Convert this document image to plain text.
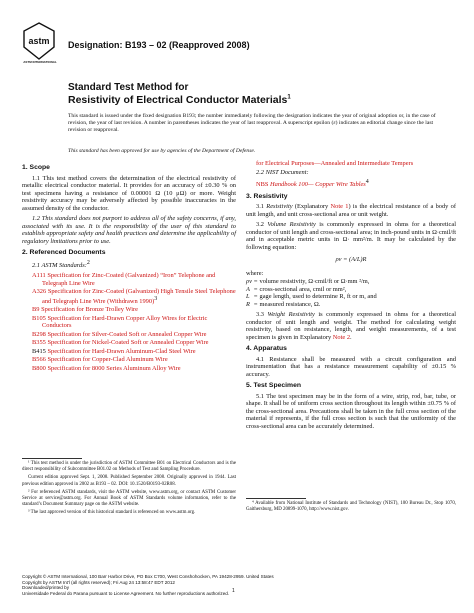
astm
ASTM INTERNATIONAL
Designation: B193 – 02 (Reapproved 2008)
Standard Test Method for
Resistivity of Electrical Conductor Materials$^1$
This standard is issued under the fixed designation B193; the number immediately following the designation indicates the year of original adoption or, in the case of revision, the year of last revision. A number in parentheses indicates the year of last reapproval. A superscript epsilon (ε) indicates an editorial change since the last revision or reapproval.
This standard has been approved for use by agencies of the Department of Defense.
1. Scope

1.1 This test method covers the determination of the electrical resistivity of metallic electrical conductor material. It provides for an accuracy of ±0.30 % on test specimens having a resistance of 0.00001 Ω (10 μΩ) or more. Weight resistivity accuracy may be adversely affected by possible inaccuracies in the assumed density of the conductor.

1.2 This standard does not purport to address all of the safety concerns, if any, associated with its use. It is the responsibility of the user of this standard to establish appropriate safety and health practices and determine the applicability of regulatory limitations prior to use.

2. Referenced Documents

2.1 ASTM Standards:2

A111 Specification for Zinc-Coated (Galvanized) “Iron” Telephone and Telegraph Line Wire
A326 Specification for Zinc-Coated (Galvanized) High Tensile Steel Telephone and Telegraph Line Wire (Withdrawn 1990)3
B9 Specification for Bronze Trolley Wire
B105 Specification for Hard-Drawn Copper Alloy Wires for Electric Conductors
B298 Specification for Silver-Coated Soft or Annealed Copper Wire
B355 Specification for Nickel-Coated Soft or Annealed Copper Wire
B415 Specification for Hard-Drawn Aluminum-Clad Steel Wire
B566 Specification for Copper-Clad Aluminum Wire
B800 Specification for 8000 Series Aluminum Alloy Wire
¹ This test method is under the jurisdiction of ASTM Committee B01 on Electrical Conductors and is the direct responsibility of Subcommittee B01.02 on Methods of Test and Sampling Procedure.
Current edition approved Sept. 1, 2008. Published September 2008. Originally approved in 1944. Last previous edition approved in 2002 as B193 – 02. DOI: 10.1520/B0193-02R08.
² For referenced ASTM standards, visit the ASTM website, www.astm.org, or contact ASTM Customer Service at service@astm.org. For Annual Book of ASTM Standards volume information, refer to the standard’s Document Summary page on the ASTM website.
³ The last approved version of this historical standard is referenced on www.astm.org.
for Electrical Purposes—Annealed and Intermediate Tempers

2.2 NIST Document:

NBS Handbook 100— Copper Wire Tables4
3. Resistivity

3.1 Resistivity (Explanatory Note 1) is the electrical resistance of a body of unit length, and unit cross-sectional area or unit weight.

3.2 Volume Resistivity is commonly expressed in ohms for a theoretical conductor of unit length and cross-sectional area; in inch-pound units in Ω·cmil/ft and in acceptable metric units in Ω· mm²/m. It may be calculated by the following equation:

ρv = (A/L)R
where:
ρv	=	volume resistivity, Ω·cmil/ft or Ω·mm ²/m,
A	=	cross-sectional area, cmil or mm²,
L	=	gage length, used to determine R, ft or m, and
R	=	measured resistance, Ω.

3.3 Weight Resistivity is commonly expressed in ohms for a theoretical conductor of unit length and weight. The method for calculating weight resistivity, based on resistance, length, and weight measurements, of a test specimen is given in Explanatory Note 2.

4. Apparatus

4.1 Resistance shall be measured with a circuit configuration and instrumentation that has a resistance measurement capability of ±0.15 % accuracy.

5. Test Specimen

5.1 The test specimen may be in the form of a wire, strip, rod, bar, tube, or shape. It shall be of uniform cross section throughout its length within ±0.75 % of the cross-sectional area. Precautions shall be taken in the full cross section of the material if represents, if the full cross section is such that the uniformity of the cross-sectional area can be accurately determined.

⁴ Available from National Institute of Standards and Technology (NIST), 100 Bureau Dr., Stop 1070, Gaithersburg, MD 20899-1070, http://www.nist.gov.
Copyright © ASTM International, 100 Barr Harbor Drive, PO Box C700, West Conshohocken, PA 19428-2959. United States
Copyright by ASTM Int'l (all rights reserved); Fri Aug 24 13:58:47 EDT 2012
Downloaded/printed by
Universidade Federal do Parana pursuant to License Agreement. No further reproductions authorized. 1
